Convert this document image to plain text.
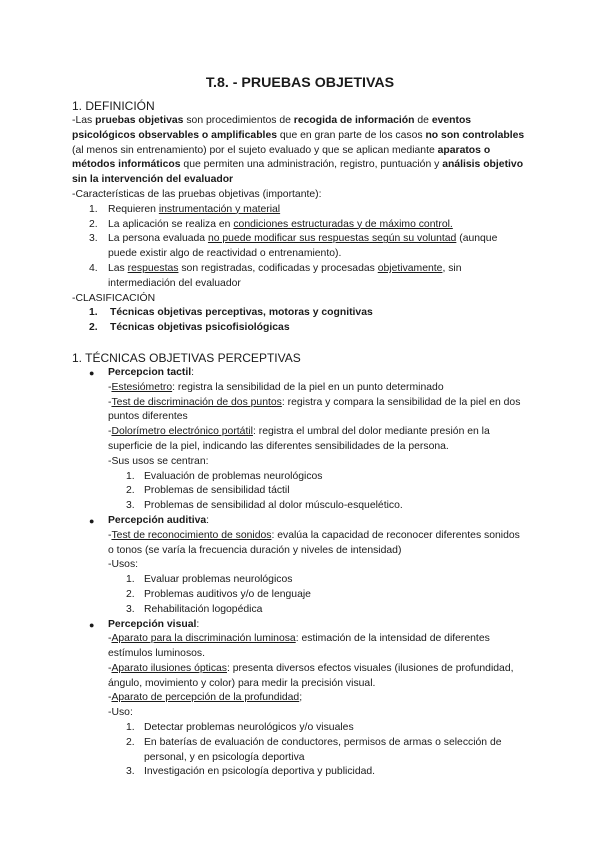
T.8. - PRUEBAS OBJETIVAS

1. DEFINICIÓN

-Las pruebas objetivas son procedimientos de recogida de información de eventos psicológicos observables o amplificables que en gran parte de los casos no son controlables (al menos sin entrenamiento) por el sujeto evaluado y que se aplican mediante aparatos o métodos informáticos que permiten una administración, registro, puntuación y análisis objetivo sin la intervención del evaluador

-Características de las pruebas objetivas (importante):

1. Requieren instrumentación y material
2. La aplicación se realiza en condiciones estructuradas y de máximo control.
3. La persona evaluada no puede modificar sus respuestas según su voluntad (aunque puede existir algo de reactividad o entrenamiento).
4. Las respuestas son registradas, codificadas y procesadas objetivamente, sin intermediación del evaluador

-CLASIFICACIÓN

1. Técnicas objetivas perceptivas, motoras y cognitivas
2. Técnicas objetivas psicofisiológicas

1. TÉCNICAS OBJETIVAS PERCEPTIVAS

● Percepcion tactil:

-Estesiómetro: registra la sensibilidad de la piel en un punto determinado

-Test de discriminación de dos puntos: registra y compara la sensibilidad de la piel en dos puntos diferentes

-Dolorímetro electrónico portátil: registra el umbral del dolor mediante presión en la superficie de la piel, indicando las diferentes sensibilidades de la persona.

-Sus usos se centran:

1. Evaluación de problemas neurológicos
2. Problemas de sensibilidad táctil
3. Problemas de sensibilidad al dolor músculo-esquelético.
● Percepción auditiva:

-Test de reconocimiento de sonidos: evalúa la capacidad de reconocer diferentes sonidos o tonos (se varía la frecuencia duración y niveles de intensidad)

-Usos:

1. Evaluar problemas neurológicos
2. Problemas auditivos y/o de lenguaje
3. Rehabilitación logopédica
● Percepción visual:

-Aparato para la discriminación luminosa: estimación de la intensidad de diferentes estímulos luminosos.

-Aparato ilusiones ópticas: presenta diversos efectos visuales (ilusiones de profundidad, ángulo, movimiento y color) para medir la precisión visual.

-Aparato de percepción de la profundidad;

-Uso:

1. Detectar problemas neurológicos y/o visuales
2. En baterías de evaluación de conductores, permisos de armas o selección de personal, y en psicología deportiva
3. Investigación en psicología deportiva y publicidad.
